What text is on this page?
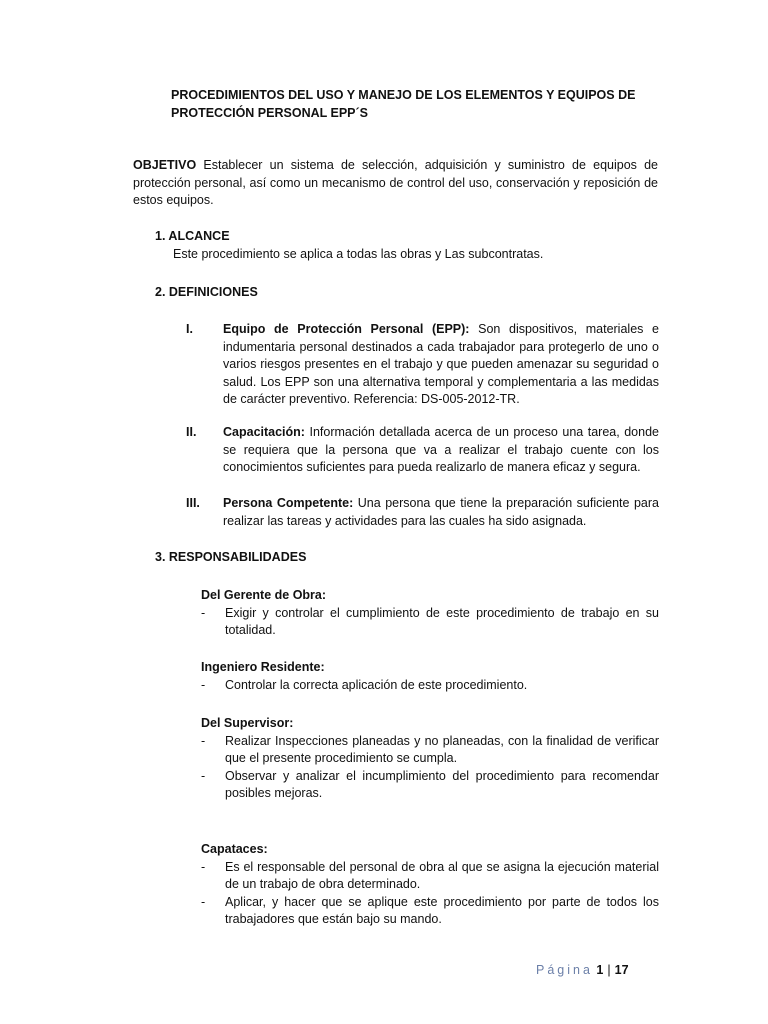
PROCEDIMIENTOS DEL USO Y MANEJO DE LOS ELEMENTOS Y EQUIPOS DE PROTECCIÓN PERSONAL EPP´S
OBJETIVO Establecer un sistema de selección, adquisición y suministro de equipos de protección personal, así como un mecanismo de control del uso, conservación y reposición de estos equipos.
1. ALCANCE
Este procedimiento se aplica a todas las obras y Las subcontratas.
2. DEFINICIONES
I. Equipo de Protección Personal (EPP): Son dispositivos, materiales e indumentaria personal destinados a cada trabajador para protegerlo de uno o varios riesgos presentes en el trabajo y que pueden amenazar su seguridad o salud. Los EPP son una alternativa temporal y complementaria a las medidas de carácter preventivo. Referencia: DS-005-2012-TR.
II. Capacitación: Información detallada acerca de un proceso una tarea, donde se requiera que la persona que va a realizar el trabajo cuente con los conocimientos suficientes para pueda realizarlo de manera eficaz y segura.
III. Persona Competente: Una persona que tiene la preparación suficiente para realizar las tareas y actividades para las cuales ha sido asignada.
3. RESPONSABILIDADES
Del Gerente de Obra:
- Exigir y controlar el cumplimiento de este procedimiento de trabajo en su totalidad.
Ingeniero Residente:
- Controlar la correcta aplicación de este procedimiento.
Del Supervisor:
- Realizar Inspecciones planeadas y no planeadas, con la finalidad de verificar que el presente procedimiento se cumpla.
- Observar y analizar el incumplimiento del procedimiento para recomendar posibles mejoras.
Capataces:
- Es el responsable del personal de obra al que se asigna la ejecución material de un trabajo de obra determinado.
- Aplicar, y hacer que se aplique este procedimiento por parte de todos los trabajadores que están bajo su mando.
Página 1 | 17
